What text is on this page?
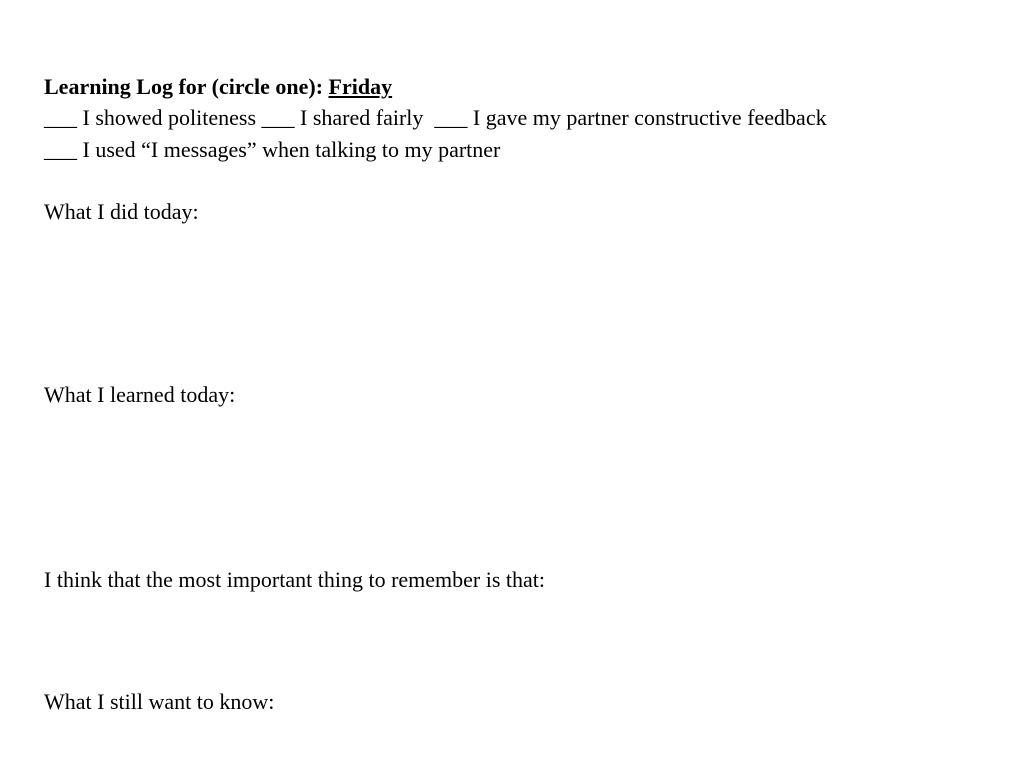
Learning Log for (circle one): Friday

___ I showed politeness ___ I shared fairly  ___ I gave my partner constructive feedback

___ I used “I messages” when talking to my partner

What I did today:

What I learned today:

I think that the most important thing to remember is that:

What I still want to know:
